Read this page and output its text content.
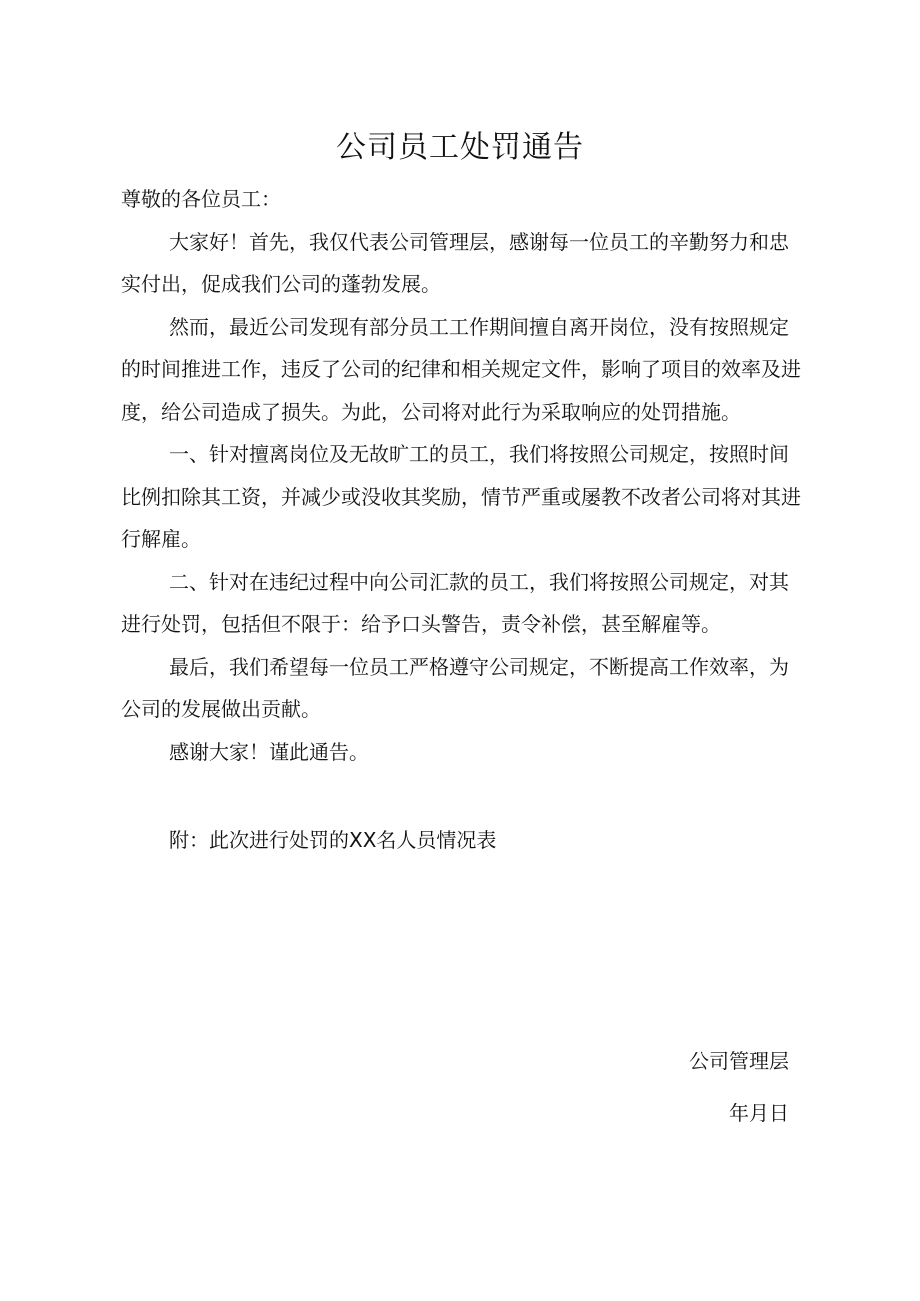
公司员工处罚通告

尊敬的各位员工：

大家好！首先，我仅代表公司管理层，感谢每一位员工的辛勤努力和忠实付出，促成我们公司的蓬勃发展。

然而，最近公司发现有部分员工工作期间擅自离开岗位，没有按照规定的时间推进工作，违反了公司的纪律和相关规定文件，影响了项目的效率及进度，给公司造成了损失。为此，公司将对此行为采取响应的处罚措施。

一、针对擅离岗位及无故旷工的员工，我们将按照公司规定，按照时间比例扣除其工资，并减少或没收其奖励，情节严重或屡教不改者公司将对其进行解雇。

二、针对在违纪过程中向公司汇款的员工，我们将按照公司规定，对其进行处罚，包括但不限于：给予口头警告，责令补偿，甚至解雇等。

最后，我们希望每一位员工严格遵守公司规定，不断提高工作效率，为公司的发展做出贡献。

感谢大家！谨此通告。

附：此次进行处罚的XX名人员情况表

公司管理层
年月日
